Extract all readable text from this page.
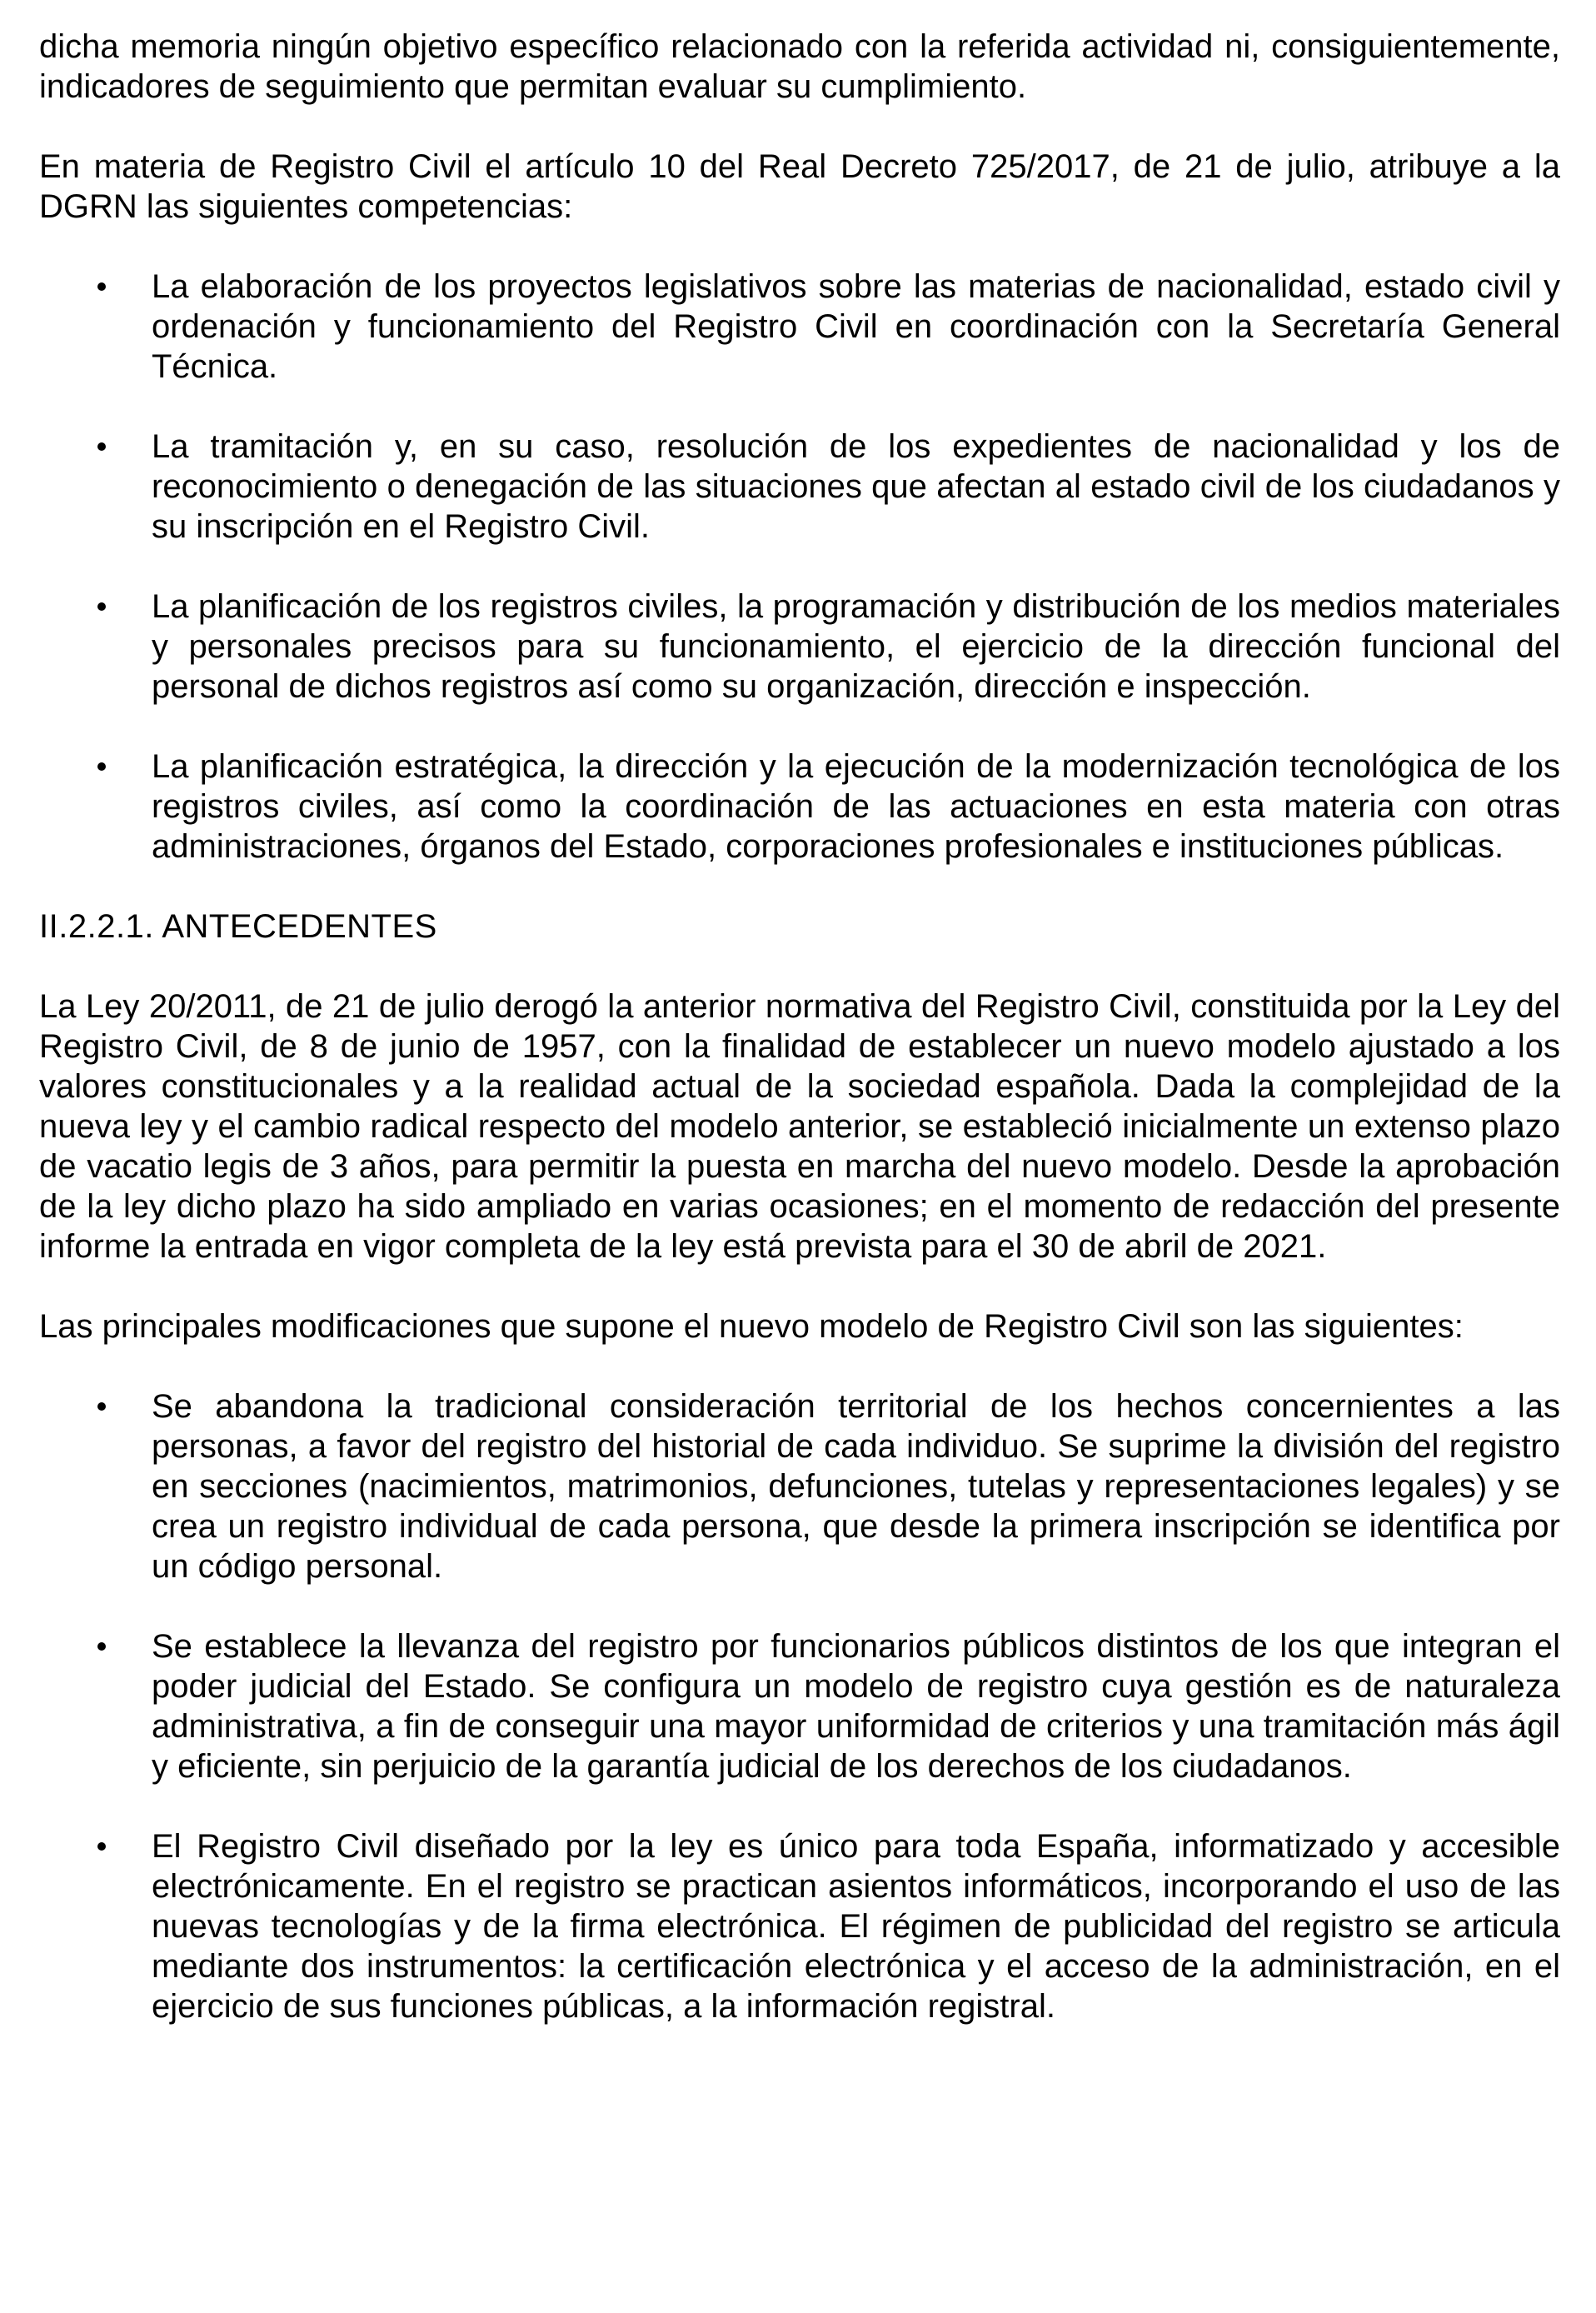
dicha memoria ningún objetivo específico relacionado con la referida actividad ni, consiguientemente, indicadores de seguimiento que permitan evaluar su cumplimiento.

En materia de Registro Civil el artículo 10 del Real Decreto 725/2017, de 21 de julio, atribuye a la DGRN las siguientes competencias:

La elaboración de los proyectos legislativos sobre las materias de nacionalidad, estado civil y ordenación y funcionamiento del Registro Civil en coordinación con la Secretaría General Técnica.
La tramitación y, en su caso, resolución de los expedientes de nacionalidad y los de reconocimiento o denegación de las situaciones que afectan al estado civil de los ciudadanos y su inscripción en el Registro Civil.
La planificación de los registros civiles, la programación y distribución de los medios materiales y personales precisos para su funcionamiento, el ejercicio de la dirección funcional del personal de dichos registros así como su organización, dirección e inspección.
La planificación estratégica, la dirección y la ejecución de la modernización tecnológica de los registros civiles, así como la coordinación de las actuaciones en esta materia con otras administraciones, órganos del Estado, corporaciones profesionales e instituciones públicas.
II.2.2.1. ANTECEDENTES

La Ley 20/2011, de 21 de julio derogó la anterior normativa del Registro Civil, constituida por la Ley del Registro Civil, de 8 de junio de 1957, con la finalidad de establecer un nuevo modelo ajustado a los valores constitucionales y a la realidad actual de la sociedad española. Dada la complejidad de la nueva ley y el cambio radical respecto del modelo anterior, se estableció inicialmente un extenso plazo de vacatio legis de 3 años, para permitir la puesta en marcha del nuevo modelo. Desde la aprobación de la ley dicho plazo ha sido ampliado en varias ocasiones; en el momento de redacción del presente informe la entrada en vigor completa de la ley está prevista para el 30 de abril de 2021.

Las principales modificaciones que supone el nuevo modelo de Registro Civil son las siguientes:

Se abandona la tradicional consideración territorial de los hechos concernientes a las personas, a favor del registro del historial de cada individuo. Se suprime la división del registro en secciones (nacimientos, matrimonios, defunciones, tutelas y representaciones legales) y se crea un registro individual de cada persona, que desde la primera inscripción se identifica por un código personal.
Se establece la llevanza del registro por funcionarios públicos distintos de los que integran el poder judicial del Estado. Se configura un modelo de registro cuya gestión es de naturaleza administrativa, a fin de conseguir una mayor uniformidad de criterios y una tramitación más ágil y eficiente, sin perjuicio de la garantía judicial de los derechos de los ciudadanos.
El Registro Civil diseñado por la ley es único para toda España, informatizado y accesible electrónicamente. En el registro se practican asientos informáticos, incorporando el uso de las nuevas tecnologías y de la firma electrónica. El régimen de publicidad del registro se articula mediante dos instrumentos: la certificación electrónica y el acceso de la administración, en el ejercicio de sus funciones públicas, a la información registral.
